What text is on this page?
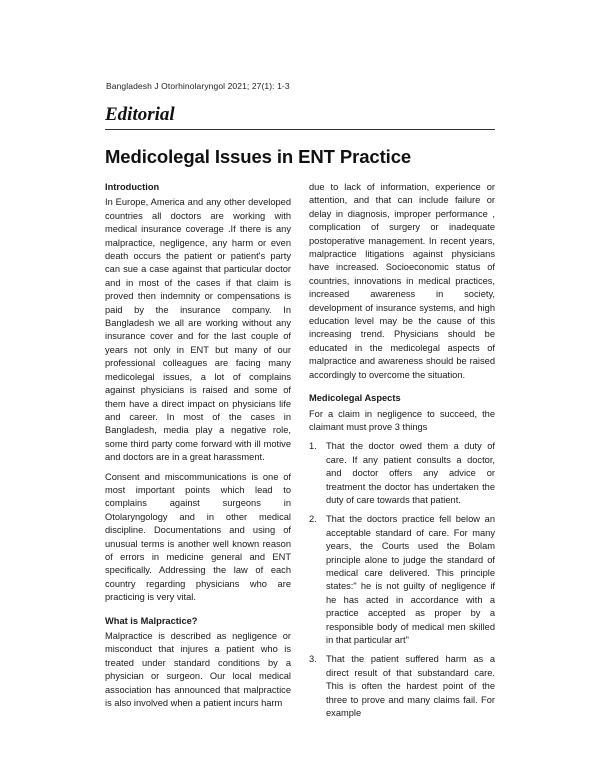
Bangladesh J Otorhinolaryngol 2021; 27(1): 1-3
Editorial
Medicolegal Issues in ENT Practice
Introduction

In Europe, America and any other developed countries all doctors are working with medical insurance coverage .If there is any malpractice, negligence, any harm or even death occurs the patient or patient's party can sue a case against that particular doctor and in most of the cases if that claim is proved then indemnity or compensations is paid by the insurance company. In Bangladesh we all are working without any insurance cover and for the last couple of years not only in ENT but many of our professional colleagues are facing many medicolegal issues, a lot of complains against physicians is raised and some of them have a direct impact on physicians life and career. In most of the cases in Bangladesh, media play a negative role, some third party come forward with ill motive and doctors are in a great harassment.

Consent and miscommunications is one of most important points which lead to complains against surgeons in Otolaryngology and in other medical discipline. Documentations and using of unusual terms is another well known reason of errors in medicine general and ENT specifically. Addressing the law of each country regarding physicians who are practicing is very vital.

What is Malpractice?

Malpractice is described as negligence or misconduct that injures a patient who is treated under standard conditions by a physician or surgeon. Our local medical association has announced that malpractice is also involved when a patient incurs harm

due to lack of information, experience or attention, and that can include failure or delay in diagnosis, improper performance , complication of surgery or inadequate postoperative management. In recent years, malpractice litigations against physicians have increased. Socioeconomic status of countries, innovations in medical practices, increased awareness in society, development of insurance systems, and high education level may be the cause of this increasing trend. Physicians should be educated in the medicolegal aspects of malpractice and awareness should be raised accordingly to overcome the situation.

Medicolegal Aspects

For a claim in negligence to succeed, the claimant must prove 3 things

1. That the doctor owed them a duty of care. If any patient consults a doctor, and doctor offers any advice or treatment the doctor has undertaken the duty of care towards that patient.
2. That the doctors practice fell below an acceptable standard of care. For many years, the Courts used the Bolam principle alone to judge the standard of medical care delivered. This principle states:" he is not guilty of negligence if he has acted in accordance with a practice accepted as proper by a responsible body of medical men skilled in that particular art"
3. That the patient suffered harm as a direct result of that substandard care. This is often the hardest point of the three to prove and many claims fail. For example
